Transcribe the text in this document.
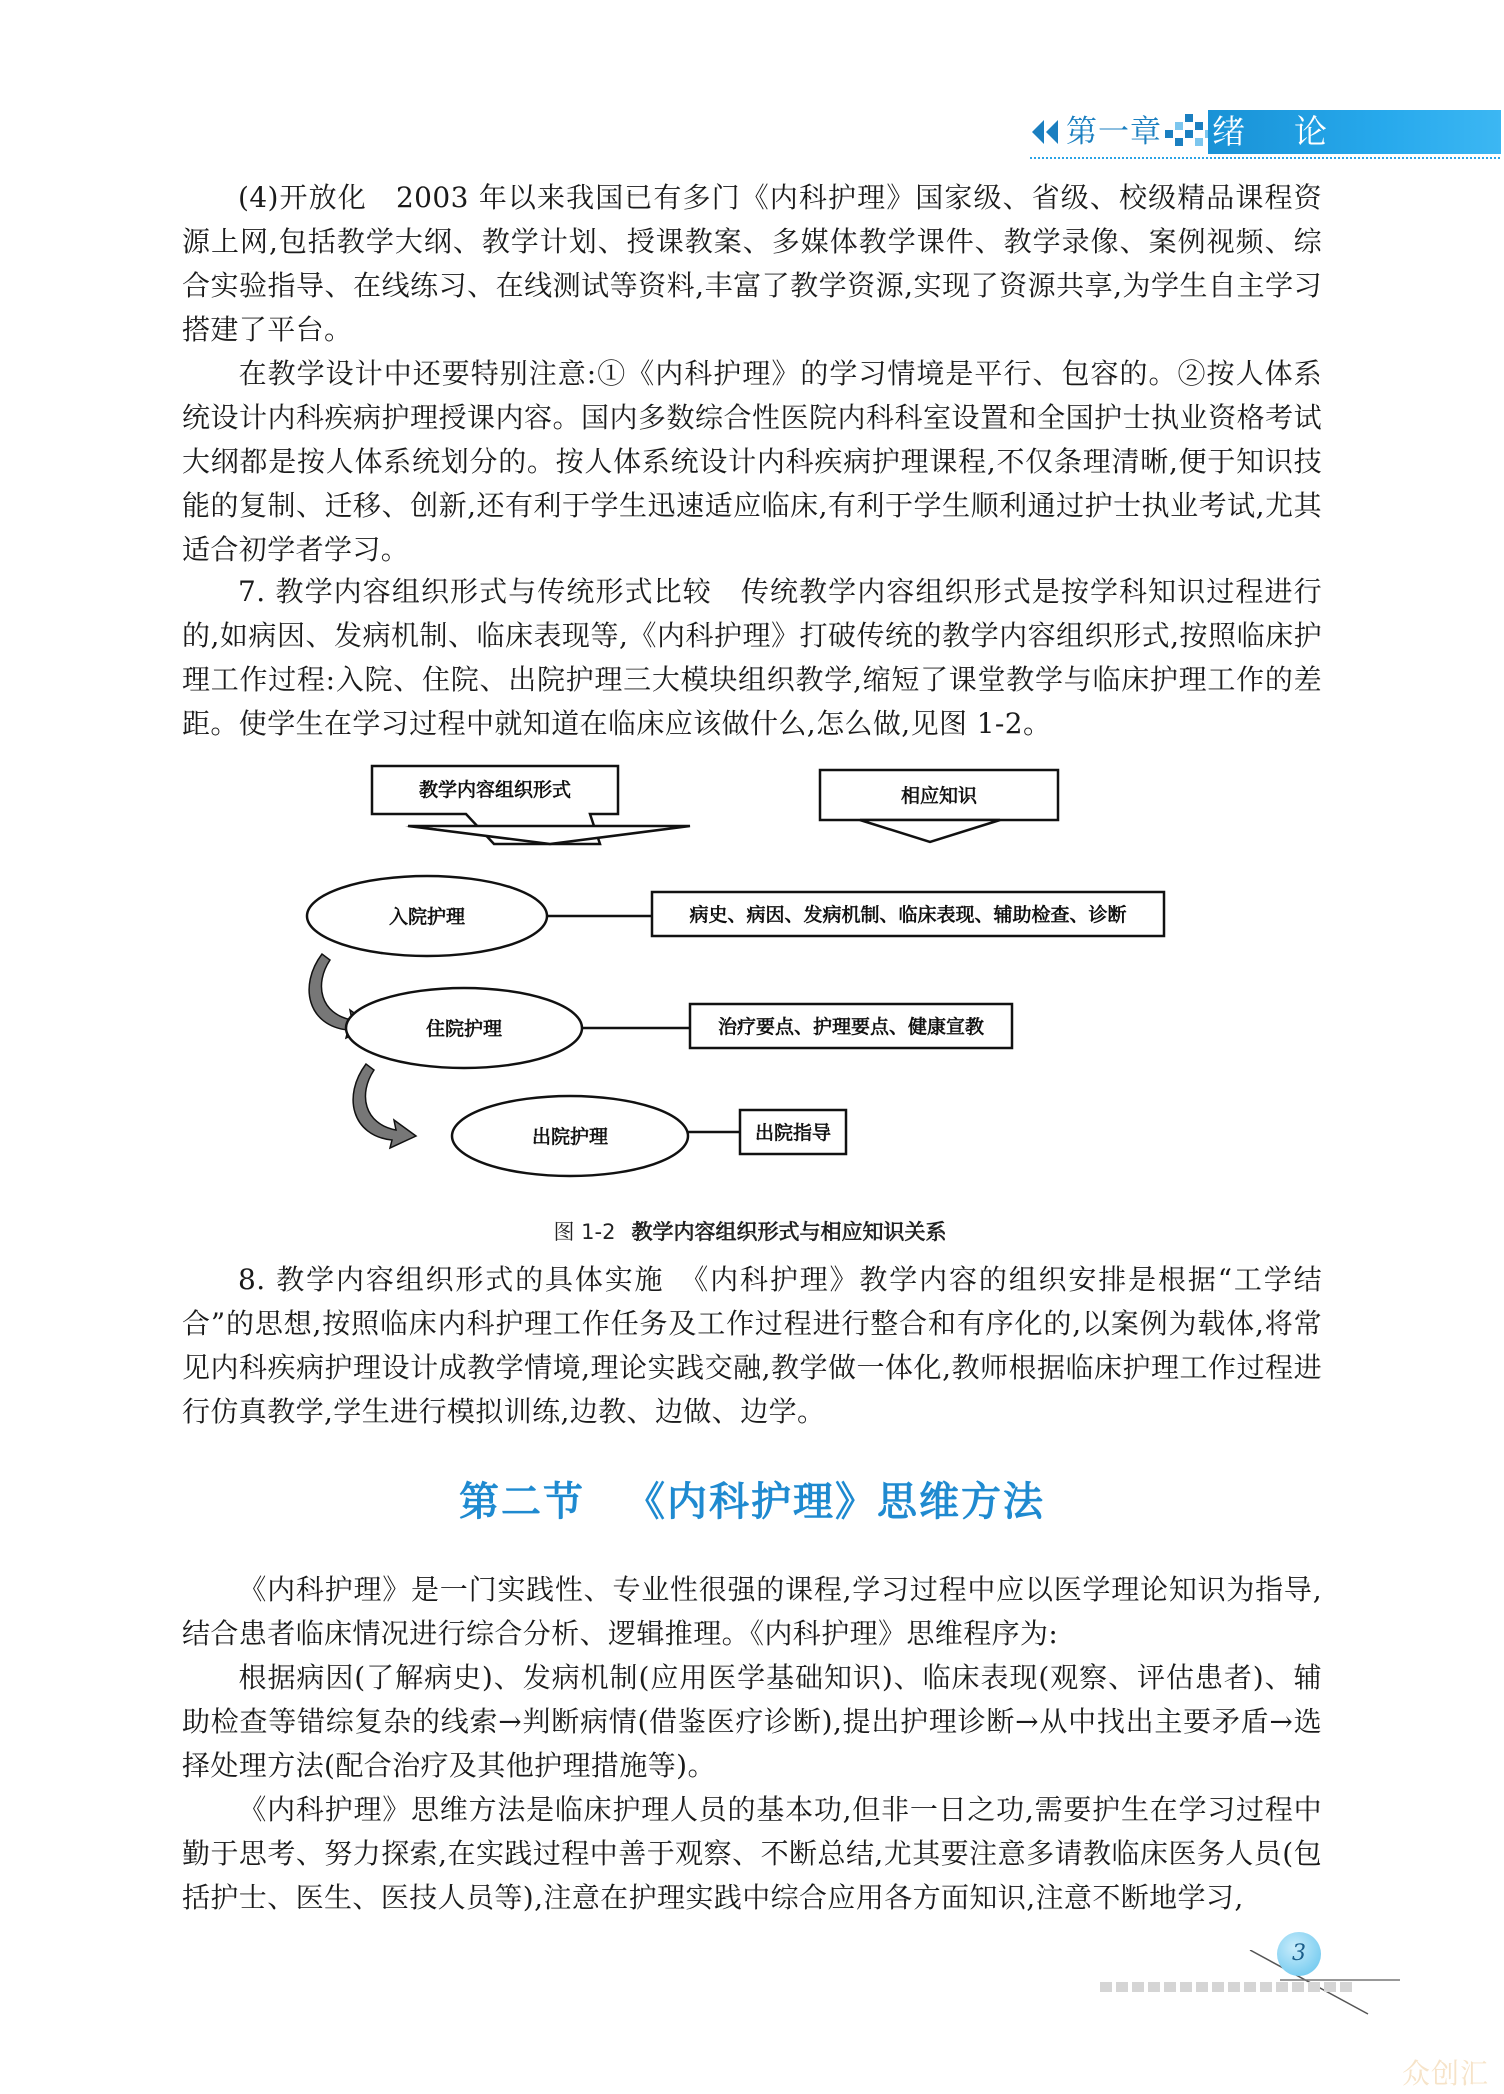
第一章 绪	论
(4)开放化　2003 年以来我国已有多门《内科护理》国家级、省级、校级精品课程资源上网,包括教学大纲、教学计划、授课教案、多媒体教学课件、教学录像、案例视频、综合实验指导、在线练习、在线测试等资料,丰富了教学资源,实现了资源共享,为学生自主学习搭建了平台。
在教学设计中还要特别注意:①《内科护理》的学习情境是平行、包容的。②按人体系统设计内科疾病护理授课内容。国内多数综合性医院内科科室设置和全国护士执业资格考试大纲都是按人体系统划分的。按人体系统设计内科疾病护理课程,不仅条理清晰,便于知识技能的复制、迁移、创新,还有利于学生迅速适应临床,有利于学生顺利通过护士执业考试,尤其适合初学者学习。
7. 教学内容组织形式与传统形式比较　传统教学内容组织形式是按学科知识过程进行的,如病因、发病机制、临床表现等,《内科护理》打破传统的教学内容组织形式,按照临床护理工作过程:入院、住院、出院护理三大模块组织教学,缩短了课堂教学与临床护理工作的差距。使学生在学习过程中就知道在临床应该做什么,怎么做,见图 1-2。
教学内容组织形式	相应知识
入院护理	病史、病因、发病机制、临床表现、辅助检查、诊断
住院护理	治疗要点、护理要点、健康宣教
出院护理	出院指导
图 1-2 教学内容组织形式与相应知识关系
8. 教学内容组织形式的具体实施　《内科护理》教学内容的组织安排是根据“工学结合”的思想,按照临床内科护理工作任务及工作过程进行整合和有序化的,以案例为载体,将常见内科疾病护理设计成教学情境,理论实践交融,教学做一体化,教师根据临床护理工作过程进行仿真教学,学生进行模拟训练,边教、边做、边学。
第二节 《内科护理》思维方法
《内科护理》是一门实践性、专业性很强的课程,学习过程中应以医学理论知识为指导,结合患者临床情况进行综合分析、逻辑推理。《内科护理》思维程序为:
根据病因(了解病史)、发病机制(应用医学基础知识)、临床表现(观察、评估患者)、辅助检查等错综复杂的线索→判断病情(借鉴医疗诊断),提出护理诊断→从中找出主要矛盾→选择处理方法(配合治疗及其他护理措施等)。
《内科护理》思维方法是临床护理人员的基本功,但非一日之功,需要护生在学习过程中勤于思考、努力探索,在实践过程中善于观察、不断总结,尤其要注意多请教临床医务人员(包括护士、医生、医技人员等),注意在护理实践中综合应用各方面知识,注意不断地学习,
3
众创汇
